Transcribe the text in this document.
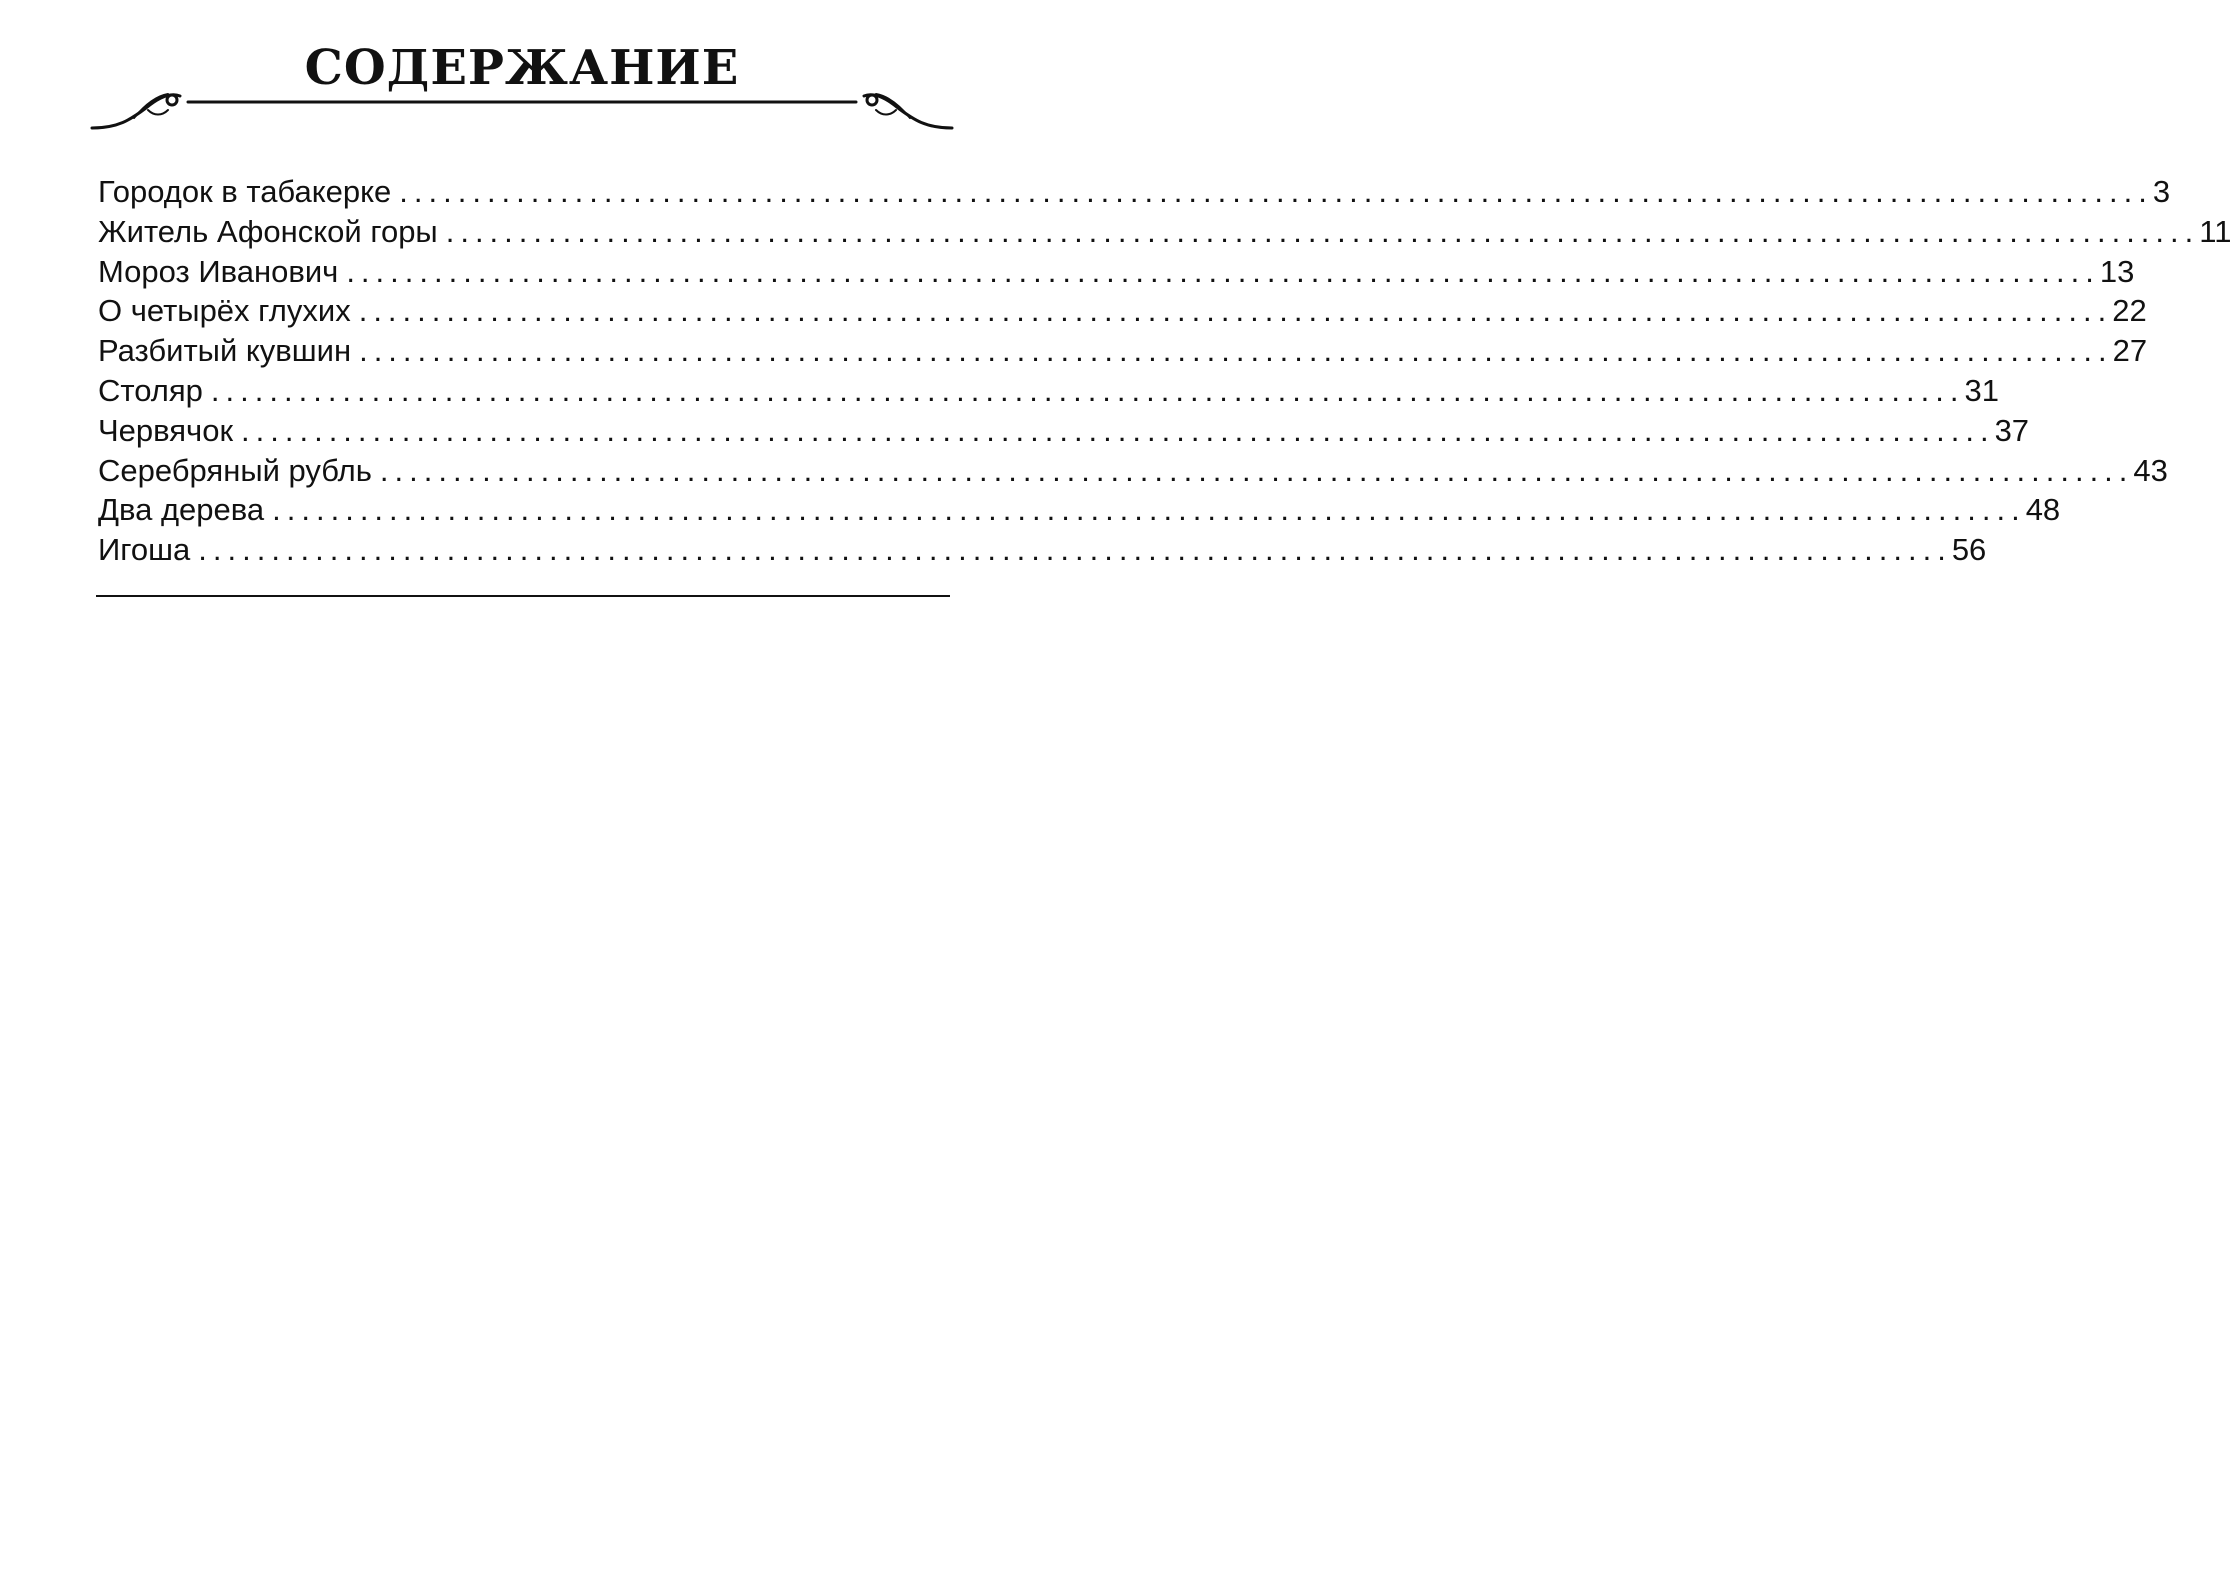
СОДЕРЖАНИЕ
Городок в табакерке ........................................................................................................................ 3
Житель Афонской горы ........................................................................................................................ 11
Мороз Иванович ........................................................................................................................ 13
О четырёх глухих ........................................................................................................................ 22
Разбитый кувшин ........................................................................................................................ 27
Столяр ........................................................................................................................ 31
Червячок ........................................................................................................................ 37
Серебряный рубль ........................................................................................................................ 43
Два дерева ........................................................................................................................ 48
Игоша ........................................................................................................................ 56
